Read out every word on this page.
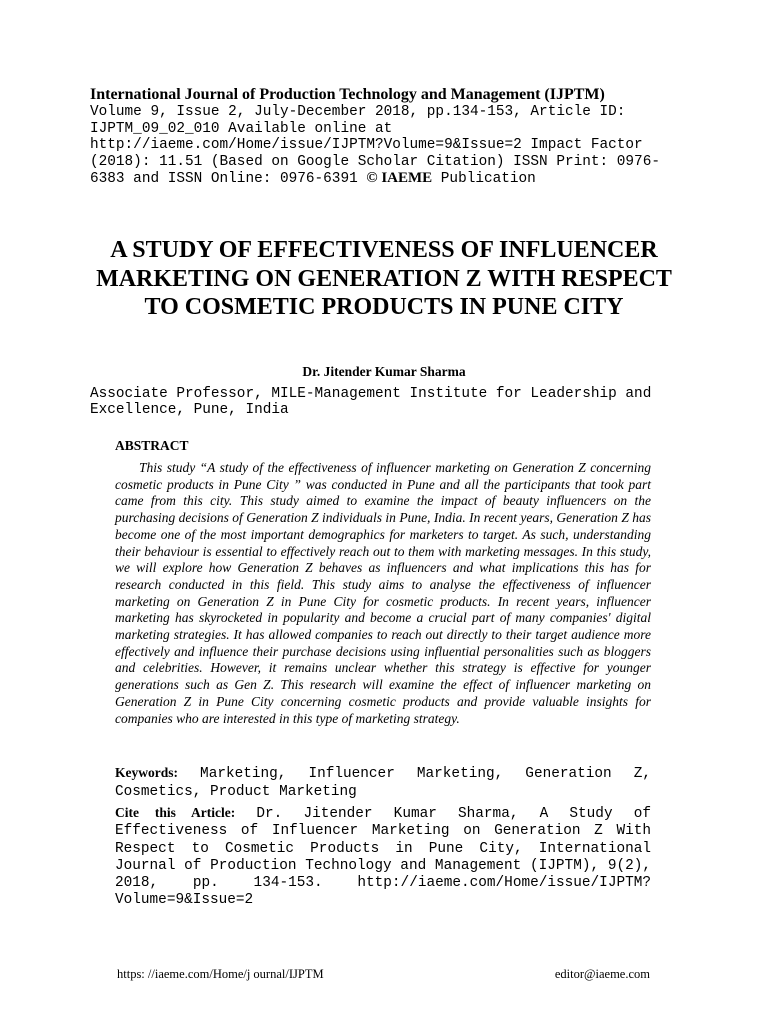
International Journal of Production Technology and Management (IJPTM)
Volume 9, Issue 2, July-December 2018, pp.134-153, Article ID: IJPTM_09_02_010 Available online at http://iaeme.com/Home/issue/IJPTM?Volume=9&Issue=2 Impact Factor (2018): 11.51 (Based on Google Scholar Citation) ISSN Print: 0976-6383 and ISSN Online: 0976-6391 © IAEME Publication
A STUDY OF EFFECTIVENESS OF INFLUENCER MARKETING ON GENERATION Z WITH RESPECT TO COSMETIC PRODUCTS IN PUNE CITY
Dr. Jitender Kumar Sharma
Associate Professor, MILE-Management Institute for Leadership and Excellence, Pune, India
ABSTRACT
This study “A study of the effectiveness of influencer marketing on Generation Z concerning cosmetic products in Pune City ” was conducted in Pune and all the participants that took part came from this city. This study aimed to examine the impact of beauty influencers on the purchasing decisions of Generation Z individuals in Pune, India. In recent years, Generation Z has become one of the most important demographics for marketers to target. As such, understanding their behaviour is essential to effectively reach out to them with marketing messages. In this study, we will explore how Generation Z behaves as influencers and what implications this has for research conducted in this field. This study aims to analyse the effectiveness of influencer marketing on Generation Z in Pune City for cosmetic products. In recent years, influencer marketing has skyrocketed in popularity and become a crucial part of many companies' digital marketing strategies. It has allowed companies to reach out directly to their target audience more effectively and influence their purchase decisions using influential personalities such as bloggers and celebrities. However, it remains unclear whether this strategy is effective for younger generations such as Gen Z. This research will examine the effect of influencer marketing on Generation Z in Pune City concerning cosmetic products and provide valuable insights for companies who are interested in this type of marketing strategy.
Keywords: Marketing, Influencer Marketing, Generation Z, Cosmetics, Product Marketing
Cite this Article: Dr. Jitender Kumar Sharma, A Study of Effectiveness of Influencer Marketing on Generation Z With Respect to Cosmetic Products in Pune City, International Journal of Production Technology and Management (IJPTM), 9(2), 2018, pp. 134-153. http://iaeme.com/Home/issue/IJPTM?Volume=9&Issue=2
https: //iaeme.com/Home/j ournal/IJPTM	editor@iaeme.com
